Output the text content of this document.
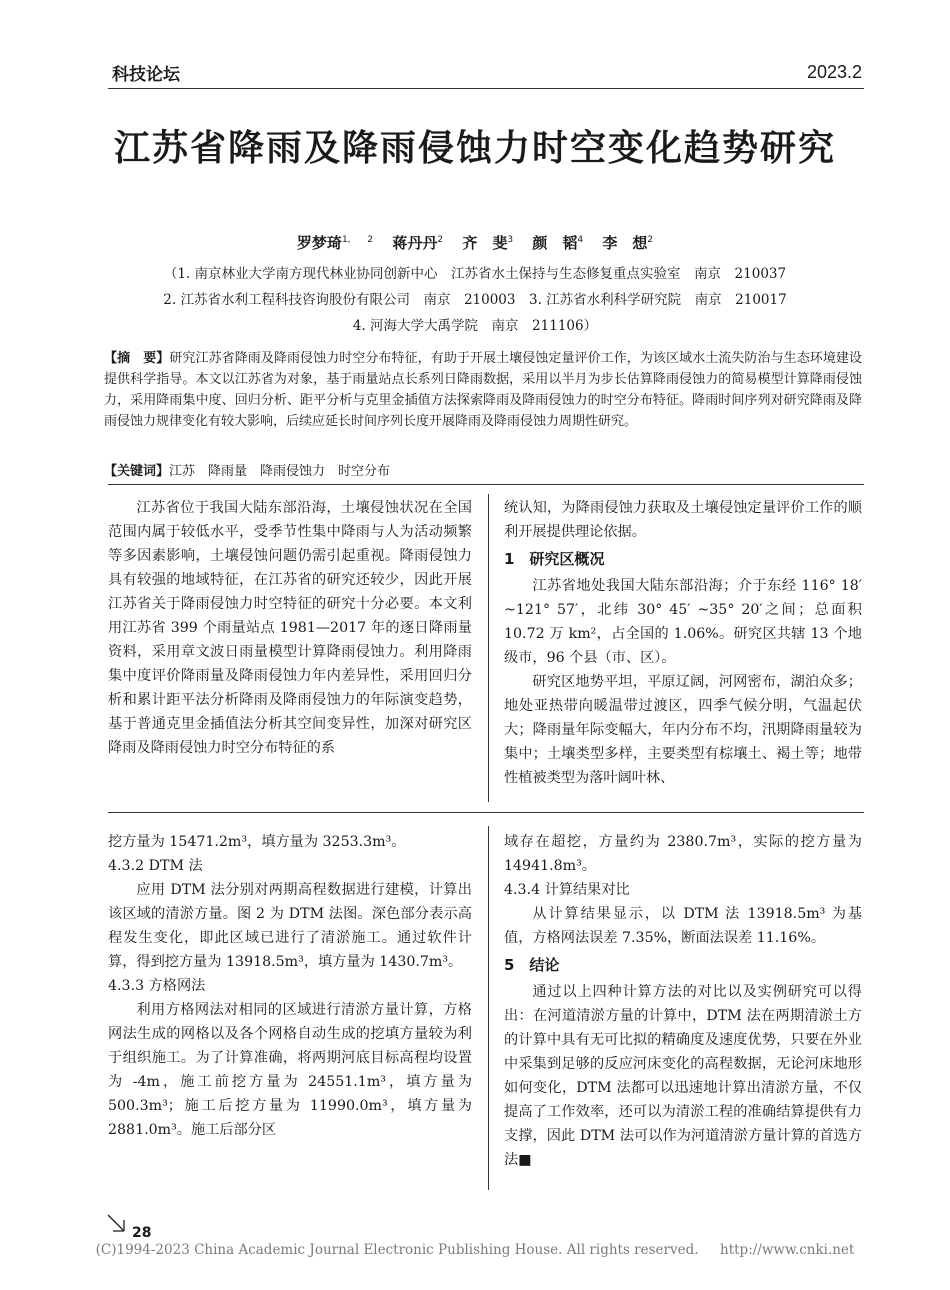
科技论坛	2023.2
江苏省降雨及降雨侵蚀力时空变化趋势研究
罗梦琦$^{1, 2}$ 蒋丹丹$^2$ 齐　斐$^3$ 颜　韬$^4$ 李　想$^2$
（1. 南京林业大学南方现代林业协同创新中心　江苏省水土保持与生态修复重点实验室　南京　210037
2. 江苏省水利工程科技咨询股份有限公司　南京　210003　3. 江苏省水利科学研究院　南京　210017
4. 河海大学大禹学院　南京　211106）
【摘　要】研究江苏省降雨及降雨侵蚀力时空分布特征，有助于开展土壤侵蚀定量评价工作，为该区域水土流失防治与生态环境建设提供科学指导。本文以江苏省为对象，基于雨量站点长系列日降雨数据，采用以半月为步长估算降雨侵蚀力的简易模型计算降雨侵蚀力，采用降雨集中度、回归分析、距平分析与克里金插值方法探索降雨及降雨侵蚀力的时空分布特征。降雨时间序列对研究降雨及降雨侵蚀力规律变化有较大影响，后续应延长时间序列长度开展降雨及降雨侵蚀力周期性研究。
【关键词】江苏　降雨量　降雨侵蚀力　时空分布

江苏省位于我国大陆东部沿海，土壤侵蚀状况在全国范围内属于较低水平，受季节性集中降雨与人为活动频繁等多因素影响，土壤侵蚀问题仍需引起重视。降雨侵蚀力具有较强的地域特征，在江苏省的研究还较少，因此开展江苏省关于降雨侵蚀力时空特征的研究十分必要。本文利用江苏省 399 个雨量站点 1981—2017 年的逐日降雨量资料，采用章文波日雨量模型计算降雨侵蚀力。利用降雨集中度评价降雨量及降雨侵蚀力年内差异性，采用回归分析和累计距平法分析降雨及降雨侵蚀力的年际演变趋势，基于普通克里金插值法分析其空间变异性，加深对研究区降雨及降雨侵蚀力时空分布特征的系

统认知，为降雨侵蚀力获取及土壤侵蚀定量评价工作的顺利开展提供理论依据。

1　研究区概况

江苏省地处我国大陆东部沿海；介于东经 116° 18′ ~121° 57′，北纬 30° 45′ ~35° 20′之间；总面积 10.72 万 km²，占全国的 1.06%。研究区共辖 13 个地级市，96 个县（市、区）。

研究区地势平坦，平原辽阔，河网密布，湖泊众多；地处亚热带向暖温带过渡区，四季气候分明，气温起伏大；降雨量年际变幅大，年内分布不均，汛期降雨量较为集中；土壤类型多样，主要类型有棕壤土、褐土等；地带性植被类型为落叶阔叶林、

挖方量为 15471.2m³，填方量为 3253.3m³。

4.3.2 DTM 法

应用 DTM 法分别对两期高程数据进行建模，计算出该区域的清淤方量。图 2 为 DTM 法图。深色部分表示高程发生变化，即此区域已进行了清淤施工。通过软件计算，得到挖方量为 13918.5m³，填方量为 1430.7m³。

4.3.3 方格网法

利用方格网法对相同的区域进行清淤方量计算，方格网法生成的网格以及各个网格自动生成的挖填方量较为利于组织施工。为了计算准确，将两期河底目标高程均设置为 -4m，施工前挖方量为 24551.1m³，填方量为 500.3m³；施工后挖方量为 11990.0m³，填方量为 2881.0m³。施工后部分区

域存在超挖，方量约为 2380.7m³，实际的挖方量为 14941.8m³。

4.3.4 计算结果对比

从计算结果显示，以 DTM 法 13918.5m³ 为基值，方格网法误差 7.35%，断面法误差 11.16%。

5　结论

通过以上四种计算方法的对比以及实例研究可以得出：在河道清淤方量的计算中，DTM 法在两期清淤土方的计算中具有无可比拟的精确度及速度优势，只要在外业中采集到足够的反应河床变化的高程数据，无论河床地形如何变化，DTM 法都可以迅速地计算出清淤方量，不仅提高了工作效率，还可以为清淤工程的准确结算提供有力支撑，因此 DTM 法可以作为河道清淤方量计算的首选方法■

28
(C)1994-2023 China Academic Journal Electronic Publishing House. All rights reserved.     http://www.cnki.net
